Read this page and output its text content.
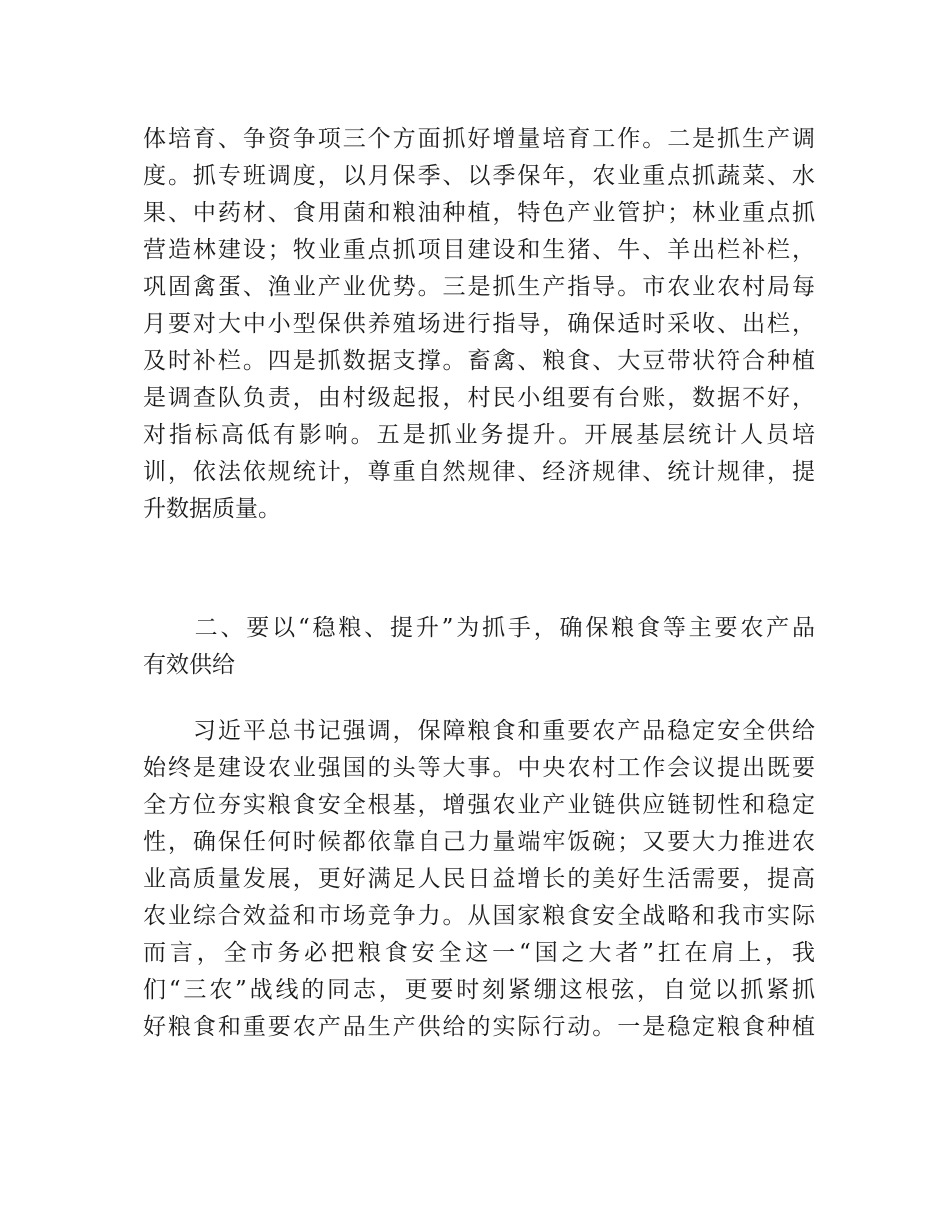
体培育、争资争项三个方面抓好增量培育工作。二是抓生产调
度。抓专班调度，以月保季、以季保年，农业重点抓蔬菜、水
果、中药材、食用菌和粮油种植，特色产业管护；林业重点抓
营造林建设；牧业重点抓项目建设和生猪、牛、羊出栏补栏，
巩固禽蛋、渔业产业优势。三是抓生产指导。市农业农村局每
月要对大中小型保供养殖场进行指导，确保适时采收、出栏，
及时补栏。四是抓数据支撑。畜禽、粮食、大豆带状符合种植
是调查队负责，由村级起报，村民小组要有台账，数据不好，
对指标高低有影响。五是抓业务提升。开展基层统计人员培
训，依法依规统计，尊重自然规律、经济规律、统计规律，提
升数据质量。
　　二、要以“稳粮、提升”为抓手，确保粮食等主要农产品
有效供给
　　习近平总书记强调，保障粮食和重要农产品稳定安全供给
始终是建设农业强国的头等大事。中央农村工作会议提出既要
全方位夯实粮食安全根基，增强农业产业链供应链韧性和稳定
性，确保任何时候都依靠自己力量端牢饭碗；又要大力推进农
业高质量发展，更好满足人民日益增长的美好生活需要，提高
农业综合效益和市场竞争力。从国家粮食安全战略和我市实际
而言，全市务必把粮食安全这一“国之大者”扛在肩上，我
们“三农”战线的同志，更要时刻紧绷这根弦，自觉以抓紧抓
好粮食和重要农产品生产供给的实际行动。一是稳定粮食种植
